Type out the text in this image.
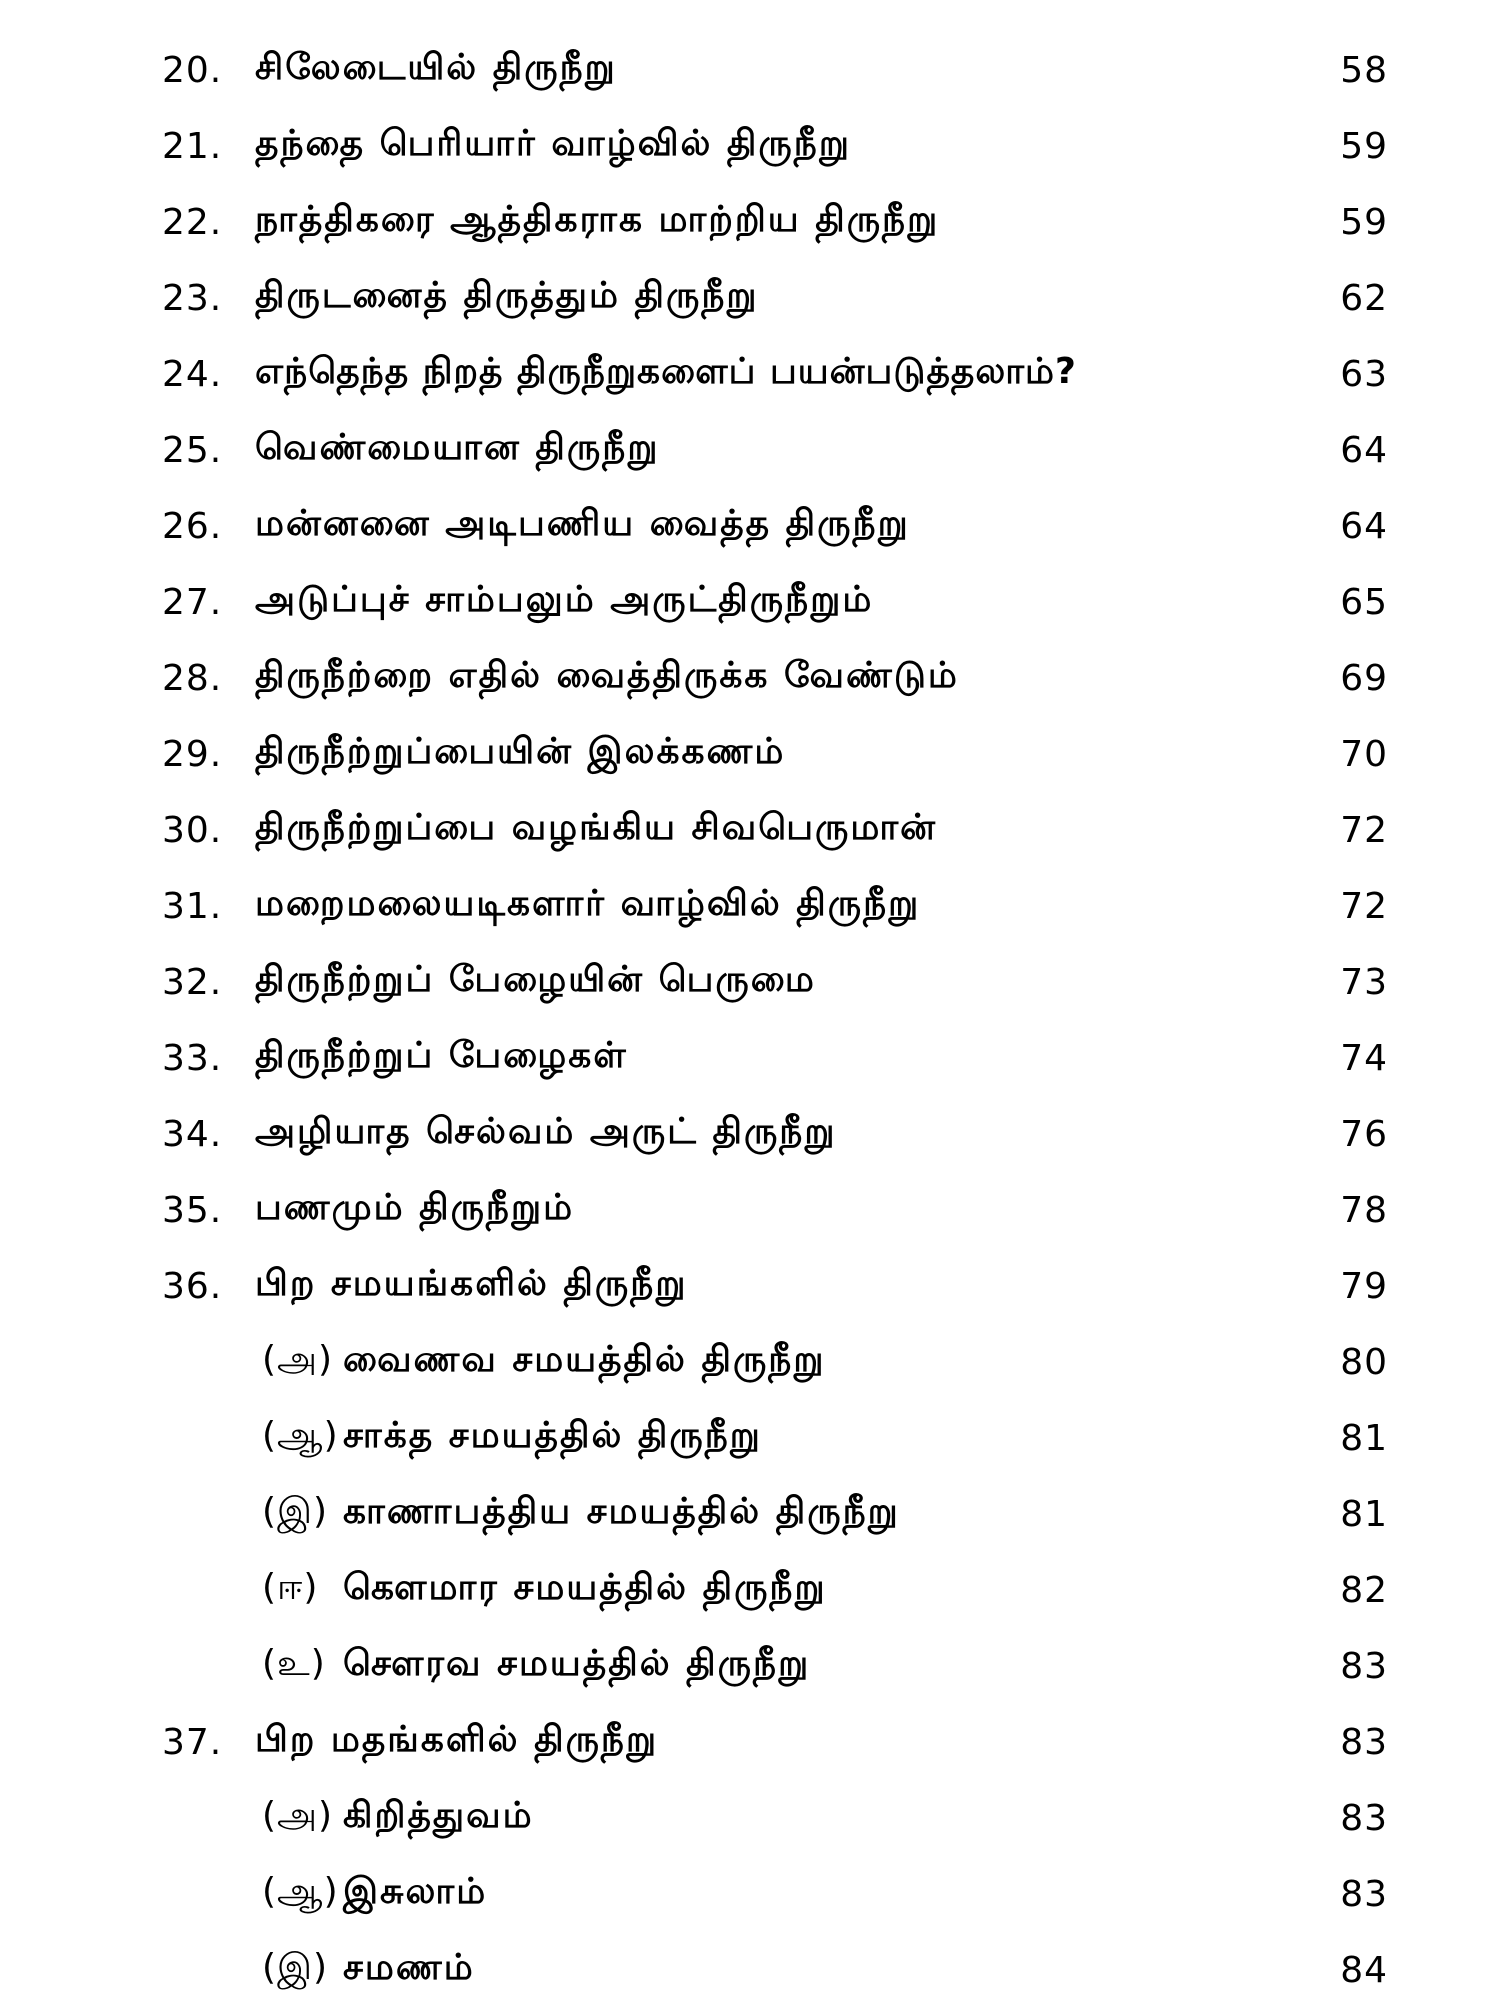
20. சிலேடையில் திருநீறு	58
21. தந்தை பெரியார் வாழ்வில் திருநீறு	59
22. நாத்திகரை ஆத்திகராக மாற்றிய திருநீறு	59
23. திருடனைத் திருத்தும் திருநீறு	62
24. எந்தெந்த நிறத் திருநீறுகளைப் பயன்படுத்தலாம்?	63
25. வெண்மையான திருநீறு	64
26. மன்னனை அடிபணிய வைத்த திருநீறு	64
27. அடுப்புச் சாம்பலும் அருட்திருநீறும்	65
28. திருநீற்றை எதில் வைத்திருக்க வேண்டும்	69
29. திருநீற்றுப்பையின் இலக்கணம்	70
30. திருநீற்றுப்பை வழங்கிய சிவபெருமான்	72
31. மறைமலையடிகளார் வாழ்வில் திருநீறு	72
32. திருநீற்றுப் பேழையின் பெருமை	73
33. திருநீற்றுப் பேழைகள்	74
34. அழியாத செல்வம் அருட் திருநீறு	76
35. பணமும் திருநீறும்	78
36. பிற சமயங்களில் திருநீறு	79
(அ) வைணவ சமயத்தில் திருநீறு	80
(ஆ) சாக்த சமயத்தில் திருநீறு	81
(இ) காணாபத்திய சமயத்தில் திருநீறு	81
(ஈ) கௌமார சமயத்தில் திருநீறு	82
(உ) சௌரவ சமயத்தில் திருநீறு	83
37. பிற மதங்களில் திருநீறு	83
(அ) கிறித்துவம்	83
(ஆ) இசுலாம்	83
(இ) சமணம்	84
